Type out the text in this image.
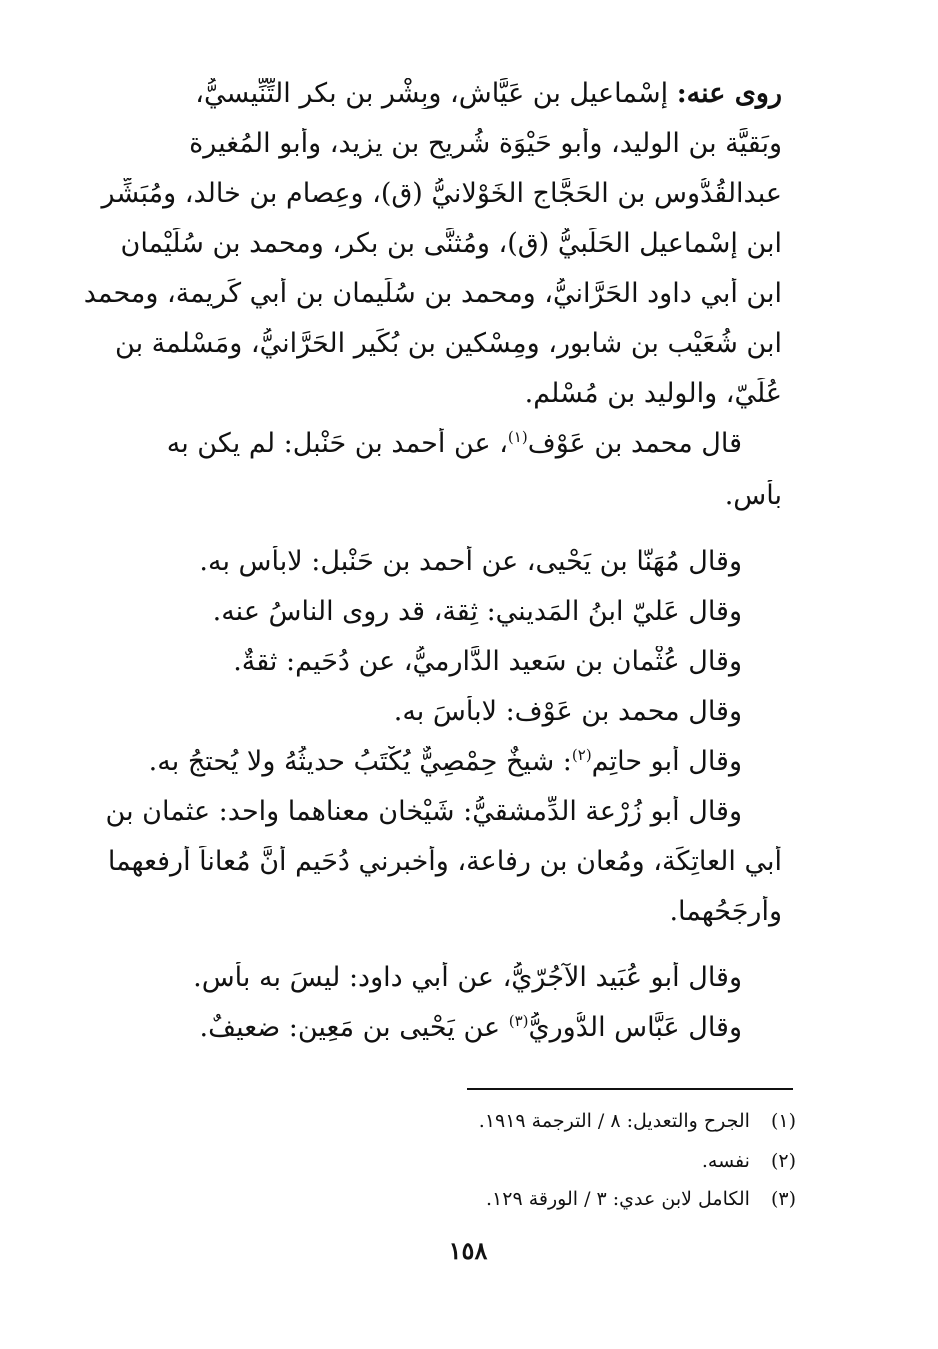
روى عنه: إِسْماعيل بن عَيَّاش، وبِشْر بن بكر التِّنِّيسيُّ،
وبَقيَّة بن الوليد، وأبو حَيْوَة شُريح بن يزيد، وأبو المُغيرة
عبدالقُدُّوس بن الحَجَّاج الخَوْلانيُّ (ق)، وعِصام بن خالد، ومُبَشِّر
ابن إِسْماعيل الحَلَبيُّ (ق)، ومُثنَّى بن بكر، ومحمد بن سُلَيْمان
ابن أبي داود الحَرَّانيُّ، ومحمد بن سُلَيمان بن أبي كَريمة، ومحمد
ابن شُعَيْب بن شابور، ومِسْكين بن بُكَير الحَرَّانيُّ، ومَسْلمة بن
عُلَيّ، والوليد بن مُسْلم.
قال محمد بن عَوْف$^{(١)}$، عن أحمد بن حَنْبل: لم يكن به
بأس.
وقال مُهَنّا بن يَحْيى، عن أحمد بن حَنْبل: لابأس به.
وقال عَليّ ابنُ المَديني: ثِقة، قد روى الناسُ عنه.
وقال عُثْمان بن سَعيد الدَّارميُّ، عن دُحَيم: ثقةٌ.
وقال محمد بن عَوْف: لابأسَ به.
وقال أبو حاتِم$^{(٢)}$: شيخٌ حِمْصِيٌّ يُكْتَبُ حديثُهُ ولا يُحتجُ به.
وقال أبو زُرْعة الدِّمشقيُّ: شَيْخان معناهما واحد: عثمان بن
أبي العاتِكَة، ومُعان بن رفاعة، وأخبرني دُحَيم أنَّ مُعاناً أرفعهما
وأرجَحُهما.
وقال أبو عُبَيد الآجُرّيُّ، عن أبي داود: ليسَ به بأس.
وقال عَبَّاس الدُّوريُّ$^{(٣)}$ عن يَحْيى بن مَعِين: ضعيفٌ.
(١) الجرح والتعديل: ٨ / الترجمة ١٩١٩.
(٢) نفسه.
(٣) الكامل لابن عدي: ٣ / الورقة ١٢٩.
١٥٨
